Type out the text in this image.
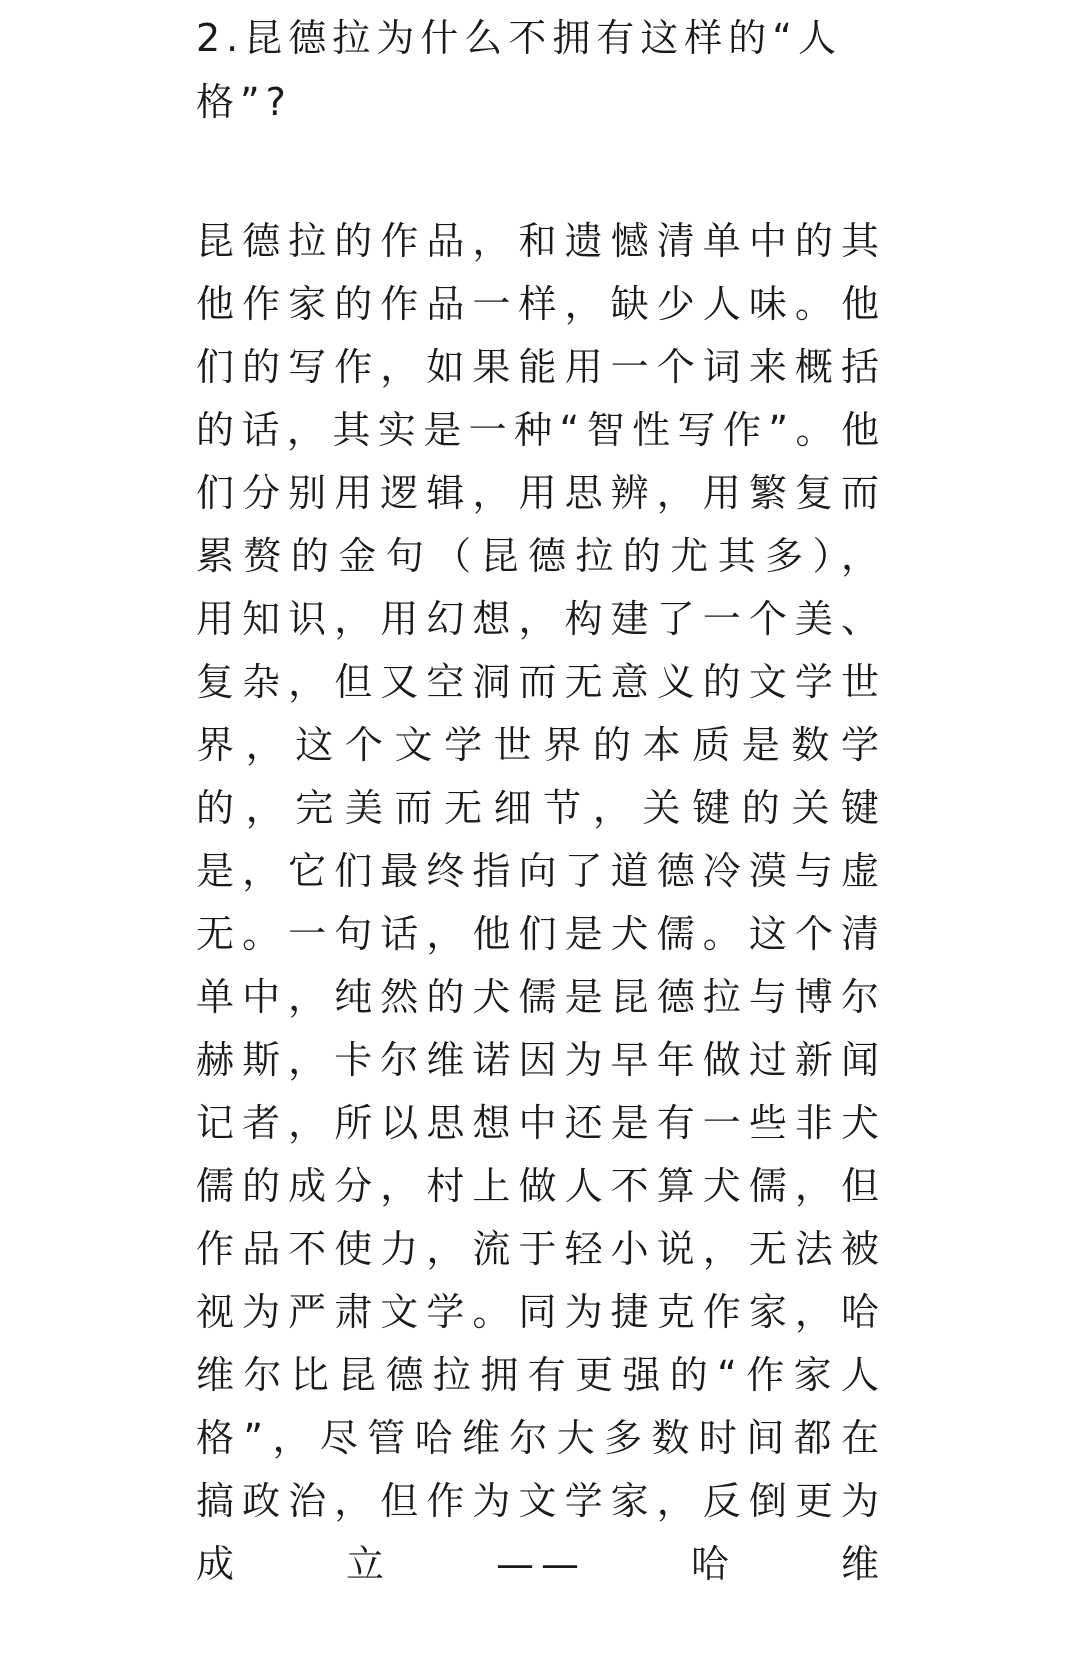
2.昆德拉为什么不拥有这样的“人格”?

昆德拉的作品，和遗憾清单中的其他作家的作品一样，缺少人味。他们的写作，如果能用一个词来概括的话，其实是一种“智性写作”。他们分别用逻辑，用思辨，用繁复而累赘的金句（昆德拉的尤其多），用知识，用幻想，构建了一个美、复杂，但又空洞而无意义的文学世界，这个文学世界的本质是数学的，完美而无细节，关键的关键是，它们最终指向了道德冷漠与虚无。一句话，他们是犬儒。这个清单中，纯然的犬儒是昆德拉与博尔赫斯，卡尔维诺因为早年做过新闻记者，所以思想中还是有一些非犬儒的成分，村上做人不算犬儒，但作品不使力，流于轻小说，无法被视为严肃文学。同为捷克作家，哈维尔比昆德拉拥有更强的“作家人格”，尽管哈维尔大多数时间都在搞政治，但作为文学家，反倒更为成立——哈维
